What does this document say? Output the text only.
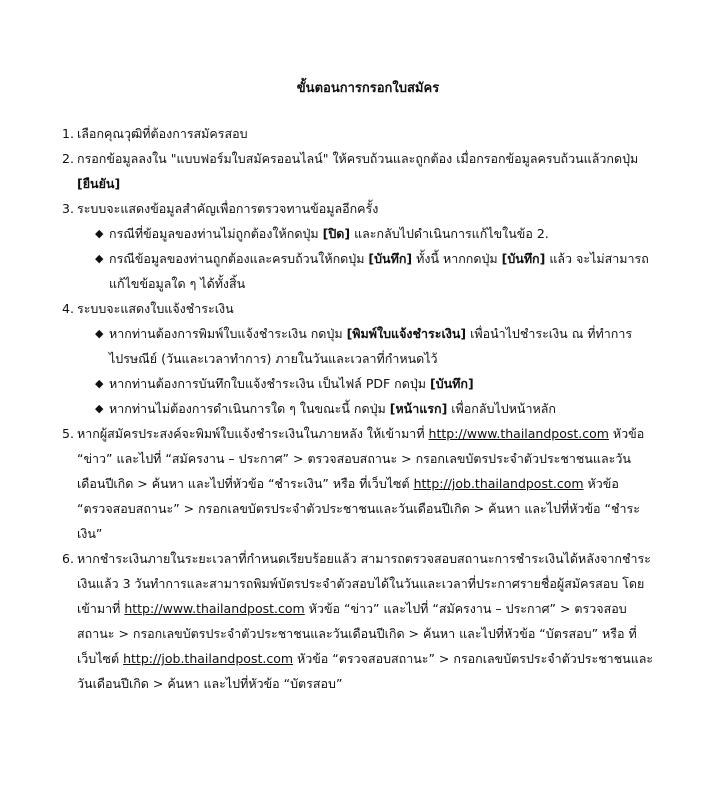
ขั้นตอนการกรอกใบสมัคร
1. เลือกคุณวุฒิที่ต้องการสมัครสอบ
2. กรอกข้อมูลลงใน "แบบฟอร์มใบสมัครออนไลน์" ให้ครบถ้วนและถูกต้อง เมื่อกรอกข้อมูลครบถ้วนแล้วกดปุ่ม [ยืนยัน]
3. ระบบจะแสดงข้อมูลสำคัญเพื่อการตรวจทานข้อมูลอีกครั้ง
◆ กรณีที่ข้อมูลของท่านไม่ถูกต้องให้กดปุ่ม [ปิด] และกลับไปดำเนินการแก้ไขในข้อ 2.
◆ กรณีข้อมูลของท่านถูกต้องและครบถ้วนให้กดปุ่ม [บันทึก] ทั้งนี้ หากกดปุ่ม [บันทึก] แล้ว จะไม่สามารถแก้ไขข้อมูลใด ๆ ได้ทั้งสิ้น
4. ระบบจะแสดงใบแจ้งชำระเงิน
◆ หากท่านต้องการพิมพ์ใบแจ้งชำระเงิน กดปุ่ม [พิมพ์ใบแจ้งชำระเงิน] เพื่อนำไปชำระเงิน ณ ที่ทำการไปรษณีย์ (วันและเวลาทำการ) ภายในวันและเวลาที่กำหนดไว้
◆ หากท่านต้องการบันทึกใบแจ้งชำระเงิน เป็นไฟล์ PDF กดปุ่ม [บันทึก]
◆ หากท่านไม่ต้องการดำเนินการใด ๆ ในขณะนี้ กดปุ่ม [หน้าแรก] เพื่อกลับไปหน้าหลัก
5. หากผู้สมัครประสงค์จะพิมพ์ใบแจ้งชำระเงินในภายหลัง ให้เข้ามาที่ http://www.thailandpost.com หัวข้อ “ข่าว” และไปที่ “สมัครงาน – ประกาศ” > ตรวจสอบสถานะ > กรอกเลขบัตรประจำตัวประชาชนและวันเดือนปีเกิด > ค้นหา และไปที่หัวข้อ “ชำระเงิน” หรือ ที่เว็บไซต์ http://job.thailandpost.com หัวข้อ “ตรวจสอบสถานะ” > กรอกเลขบัตรประจำตัวประชาชนและวันเดือนปีเกิด > ค้นหา และไปที่หัวข้อ “ชำระเงิน”
6. หากชำระเงินภายในระยะเวลาที่กำหนดเรียบร้อยแล้ว สามารถตรวจสอบสถานะการชำระเงินได้หลังจากชำระเงินแล้ว 3 วันทำการและสามารถพิมพ์บัตรประจำตัวสอบได้ในวันและเวลาที่ประกาศรายชื่อผู้สมัครสอบ โดยเข้ามาที่ http://www.thailandpost.com หัวข้อ “ข่าว” และไปที่ “สมัครงาน – ประกาศ” > ตรวจสอบสถานะ > กรอกเลขบัตรประจำตัวประชาชนและวันเดือนปีเกิด > ค้นหา และไปที่หัวข้อ “บัตรสอบ” หรือ ที่เว็บไซต์ http://job.thailandpost.com หัวข้อ “ตรวจสอบสถานะ” > กรอกเลขบัตรประจำตัวประชาชนและวันเดือนปีเกิด > ค้นหา และไปที่หัวข้อ “บัตรสอบ”
